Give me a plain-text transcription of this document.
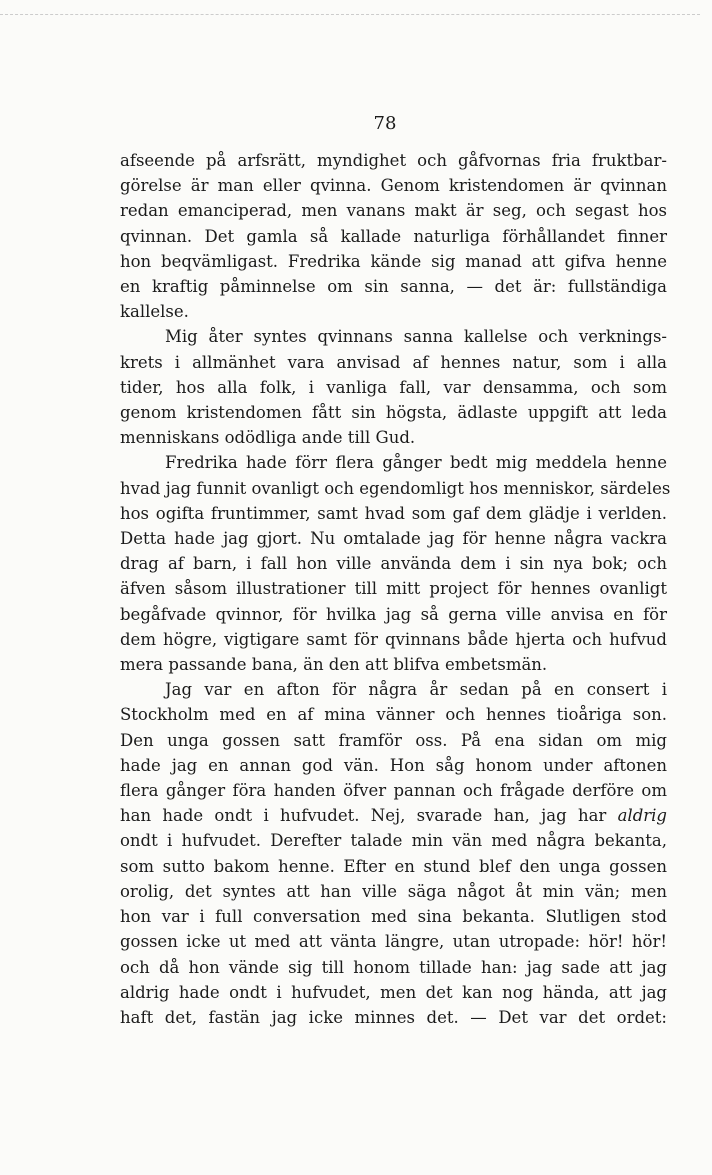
78

afseende på arfsrätt, myndighet och gåfvornas fria fruktbar-
görelse är man eller qvinna. Genom kristendomen är qvinnan
redan emanciperad, men vanans makt är seg, och segast hos
qvinnan. Det gamla så kallade naturliga förhållandet finner
hon beqvämligast. Fredrika kände sig manad att gifva henne
en kraftig påminnelse om sin sanna, — det är: fullständiga
kallelse.

Mig åter syntes qvinnans sanna kallelse och verknings-
krets i allmänhet vara anvisad af hennes natur, som i alla
tider, hos alla folk, i vanliga fall, var densamma, och som
genom kristendomen fått sin högsta, ädlaste uppgift att leda
menniskans odödliga ande till Gud.

Fredrika hade förr flera gånger bedt mig meddela henne
hvad jag funnit ovanligt och egendomligt hos menniskor, särdeles
hos ogifta fruntimmer, samt hvad som gaf dem glädje i verlden.
Detta hade jag gjort. Nu omtalade jag för henne några vackra
drag af barn, i fall hon ville använda dem i sin nya bok; och
äfven såsom illustrationer till mitt project för hennes ovanligt
begåfvade qvinnor, för hvilka jag så gerna ville anvisa en för
dem högre, vigtigare samt för qvinnans både hjerta och hufvud
mera passande bana, än den att blifva embetsmän.

Jag var en afton för några år sedan på en consert i
Stockholm med en af mina vänner och hennes tioåriga son.
Den unga gossen satt framför oss. På ena sidan om mig
hade jag en annan god vän. Hon såg honom under aftonen
flera gånger föra handen öfver pannan och frågade derföre om
han hade ondt i hufvudet. Nej, svarade han, jag har aldrig
ondt i hufvudet. Derefter talade min vän med några bekanta,
som sutto bakom henne. Efter en stund blef den unga gossen
orolig, det syntes att han ville säga något åt min vän; men
hon var i full conversation med sina bekanta. Slutligen stod
gossen icke ut med att vänta längre, utan utropade: hör! hör!
och då hon vände sig till honom tillade han: jag sade att jag
aldrig hade ondt i hufvudet, men det kan nog hända, att jag
haft det, fastän jag icke minnes det. — Det var det ordet:
